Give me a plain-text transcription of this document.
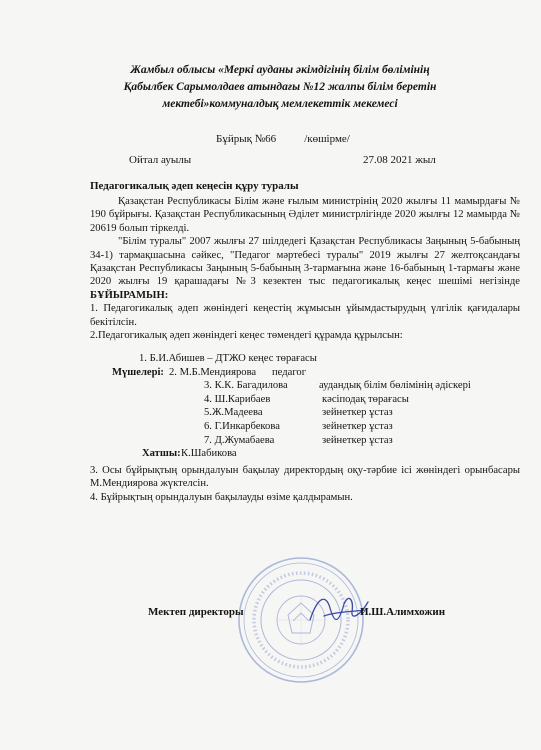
Жамбыл облысы «Меркі ауданы әкімдігінің білім бөлімінің
Қабылбек Сарымолдаев атындағы №12 жалпы білім беретін
мектебі»коммуналдық мемлекеттік мекемесі
Бұйрық №66	/көшірме/
Ойтал ауылы	27.08 2021 жыл
Педагогикалық әдеп кеңесін құру туралы

Қазақстан Республикасы Білім және ғылым министрінің 2020 жылғы 11 мамырдағы № 190 бұйрығы. Қазақстан Республикасының Әділет министрлігінде 2020 жылғы 12 мамырда № 20619 болып тіркелді.

"Білім туралы" 2007 жылғы 27 шілдедегі Қазақстан Республикасы Заңының 5-бабының 34-1) тармақшасына сәйкес, "Педагог мәртебесі туралы" 2019 жылғы 27 желтоқсандағы Қазақстан Республикасы Заңының 5-бабының 3-тармағына және 16-бабының 1-тармағы және 2020 жылғы 19 қарашадағы №3 кезектен тыс педагогикалық кеңес шешімі негізінде БҰЙЫРАМЫН:

1. Педагогикалық әдеп жөніндегі кеңестің жұмысын ұйымдастырудың үлгілік қағидалары бекітілсін.

2.Педагогикалық әдеп жөніндегі кеңес төмендегі құрамда құрылсын:

1. Б.И.Абишев – ДТЖО кеңес төрағасы
Мүшелері: 2. М.Б.Мендиярова педагог
3. К.К. Багадилова	аудандық білім бөлімінің әдіскері
4. Ш.Карибаев	кәсіподақ төрағасы
5.Ж.Мадеева	зейнеткер ұстаз
6. Г.Инкарбекова	зейнеткер ұстаз
7. Д.Жумабаева	зейнеткер ұстаз
Хатшы: К.Шабикова

3. Осы бұйрықтың орындалуын бақылау директордың оқу-тәрбие ісі жөніндегі орынбасары М.Мендиярова жүктелсін.

4. Бұйрықтың орындалуын бақылауды өзіме қалдырамын.

Мектеп директоры	И.Ш.Алимхожин
